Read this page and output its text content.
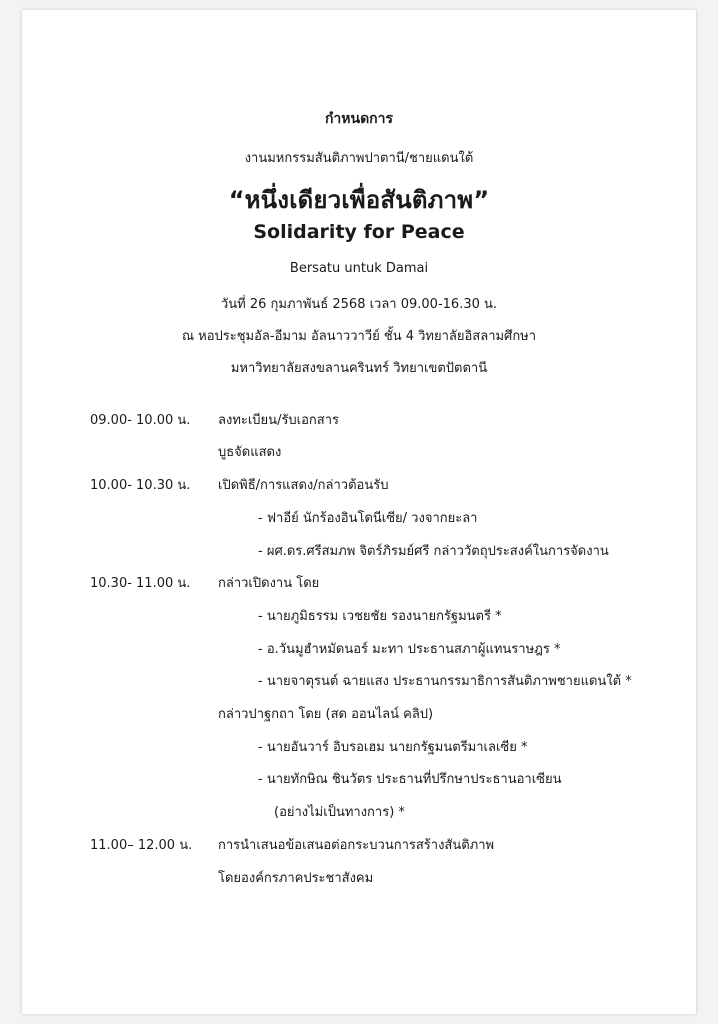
กำหนดการ
งานมหกรรมสันติภาพปาตานี/ชายแดนใต้
“หนึ่งเดียวเพื่อสันติภาพ”
Solidarity for Peace
Bersatu untuk Damai
วันที่ 26 กุมภาพันธ์ 2568 เวลา 09.00-16.30 น.
ณ หอประชุมอัล-อีมาม อัลนาววาวีย์ ชั้น 4 วิทยาลัยอิสลามศึกษา
มหาวิทยาลัยสงขลานครินทร์ วิทยาเขตปัตตานี
09.00- 10.00 น. ลงทะเบียน/รับเอกสาร
บูธจัดแสดง
10.00- 10.30 น. เปิดพิธี/การแสดง/กล่าวต้อนรับ
- ฟาอีย์ นักร้องอินโดนีเซีย/ วงจากยะลา
- ผศ.ดร.ศรีสมภพ จิตร์ภิรมย์ศรี กล่าววัตถุประสงค์ในการจัดงาน
10.30- 11.00 น. กล่าวเปิดงาน โดย
- นายภูมิธรรม เวชยชัย รองนายกรัฐมนตรี *
- อ.วันมูฮำหมัดนอร์ มะทา ประธานสภาผู้แทนราษฎร *
- นายจาตุรนต์ ฉายแสง ประธานกรรมาธิการสันติภาพชายแดนใต้ *
กล่าวปาฐกถา โดย (สด ออนไลน์ คลิป)
- นายอันวาร์ อิบรอเฮม นายกรัฐมนตรีมาเลเซีย *
- นายทักษิณ ชินวัตร ประธานที่ปรึกษาประธานอาเซียน
(อย่างไม่เป็นทางการ) *
11.00– 12.00 น. การนำเสนอข้อเสนอต่อกระบวนการสร้างสันติภาพ
โดยองค์กรภาคประชาสังคม
